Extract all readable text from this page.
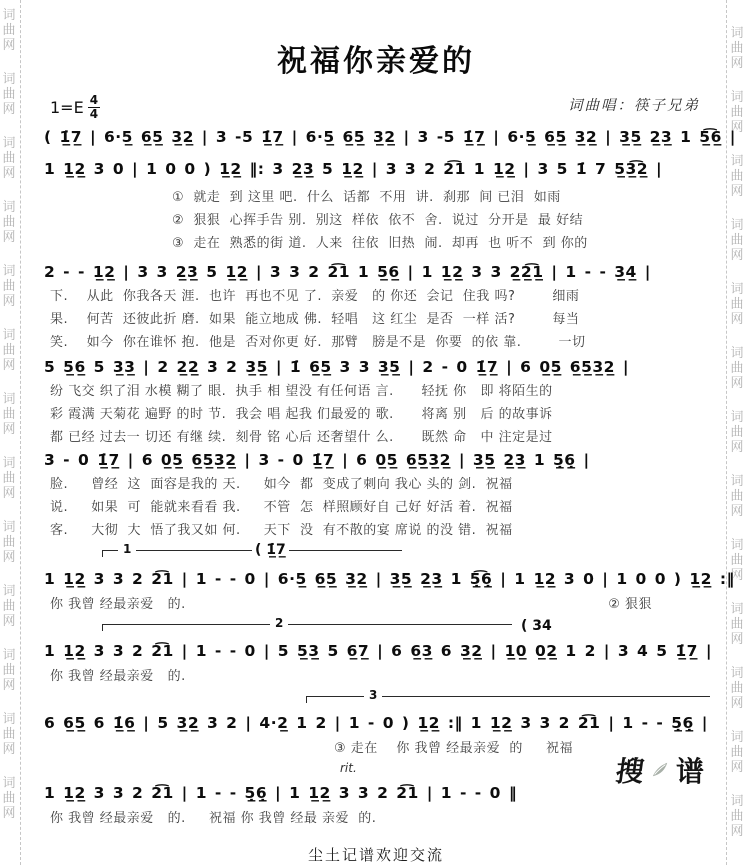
词曲网
词曲网
词曲网
词曲网
词曲网
词曲网
词曲网
词曲网
词曲网
词曲网
词曲网
词曲网
词曲网
词曲网
词曲网
词曲网
词曲网
词曲网
词曲网
词曲网
词曲网
词曲网
词曲网
词曲网
词曲网
词曲网
祝福你亲爱的
$1=E \frac{4}{4}$	词曲唱：筷子兄弟
( 1̲̇7̲ | 6·5̲ 6̲5̲ 3̲2̲ | 3 -5 1̲̇7̲ | 6·5̲ 6̲5̲ 3̲2̲ | 3 -5 1̲̇7̲ | 6·5̲ 6̲5̲ 3̲2̲ | 3̲5̲ 2̲3̲ 1 5̲͡6̲ |
1 1̲2̲ 3 0 | 1 0 0 ) 1̲2̲ ‖: 3 2̲3̲ 5 1̲2̲ | 3 3 2 2͡1 1 1̲2̲ | 3 5 1̇ 7 5̲3̲͡2̲ |
①  就走  到 这里 吧.  什么  话都  不用  讲.  刹那  间 已泪  如雨
②  狠狠  心挥手告 别.  别这  样依  依不  舍.  说过  分开是  最 好结
③  走在  熟悉的街 道.  人来  往依  旧热  闹.  却再  也 听不  到 你的
2 - - 1̲2̲ | 3 3 2̲3̲ 5 1̲2̲ | 3 3 2 2͡1 1 5̲6̲ | 1 1̲2̲ 3 3 2̲2̲͡1̲ | 1 - - 3̲4̲ |
下.    从此  你我各天 涯.  也许  再也不见 了.  亲爱   的 你还  会记  住我 吗?        细雨
果.    何苦  还彼此折 磨.  如果  能立地成 佛.  轻唱   这 红尘  是否  一样 活?        每当
笑.    如今  你在谁怀 抱.  他是  否对你更 好.  那臂   膀是不是  你要  的依 靠.        一切
5 5̲6̲ 5 3̲3̲ | 2 2̲2̲ 3 2 3̲5̲ | 1̇ 6̲5̲ 3 3 3̲5̲ | 2 - 0 1̲̇7̲ | 6 0̲5̲ 6̲5̲3̲2̲ |
纷 飞交 织了泪 水模 糊了 眼.  执手 相 望没 有任何语 言.      轻抚 你   即 将陌生的
彩 霞满 天菊花 遍野 的时 节.  我会 唱 起我 们最爱的 歌.      将离 别   后 的故事诉
都 已经 过去一 切还 有继 续.  刻骨 铭 心后 还奢望什 么.      既然 命   中 注定是过
3 - 0 1̲̇7̲ | 6 0̲5̲ 6̲5̲3̲2̲ | 3 - 0 1̲̇7̲ | 6 0̲5̲ 6̲5̲3̲2̲ | 3̲5̲ 2̲3̲ 1 5̣̲6̣̲ |
脸.     曾经  这  面容是我的 天.     如今  都  变成了刺向 我心 头的 剑.  祝福
说.     如果  可  能就来看看 我.     不管  怎  样照顾好自 己好 好活 着.  祝福
客.     大彻  大  悟了我又如 何.     天下  没  有不散的宴 席说 的没 错.  祝福
1	( 1̲̇7̲
1 1̲2̲ 3 3 2 2͡1 | 1 - - 0 | 6·5̲ 6̲5̲ 3̲2̲ | 3̲5̲ 2̲3̲ 1 5̣̲͡6̣̲ | 1 1̲2̲ 3 0 | 1 0 0 ) 1̲2̲ :‖
你 我曾 经最亲爱   的.	② 狠狠
2	( 34
1 1̲2̲ 3 3 2 2͡1 | 1 - - 0 | 5 5̲3̲ 5 6̲7̲ | 6 6̲3̲ 6 3̲2̲ | 1̲0̲ 0̲2̲ 1 2 | 3 4 5 1̲̇7̲ |
你 我曾 经最亲爱   的.
3
6 6̲5̲ 6 1̲̇6̲ | 5 3̲2̲ 3 2 | 4·2̲ 1 2 | 1 - 0 ) 1̲2̲ :‖ 1 1̲2̲ 3 3 2 2͡1 | 1 - - 5̣̲6̣̲ |
③ 走在    你 我曾 经最亲爱  的     祝福
rit.
1 1̲2̲ 3 3 2 2͡1 | 1 - - 5̣̲6̣̲ | 1 1̲2̲ 3 3 2 2͡1 | 1 - - 0 ‖
你 我曾 经最亲爱   的.     祝福 你 我曾 经最 亲爱  的.
尘土记谱欢迎交流
搜 谱
